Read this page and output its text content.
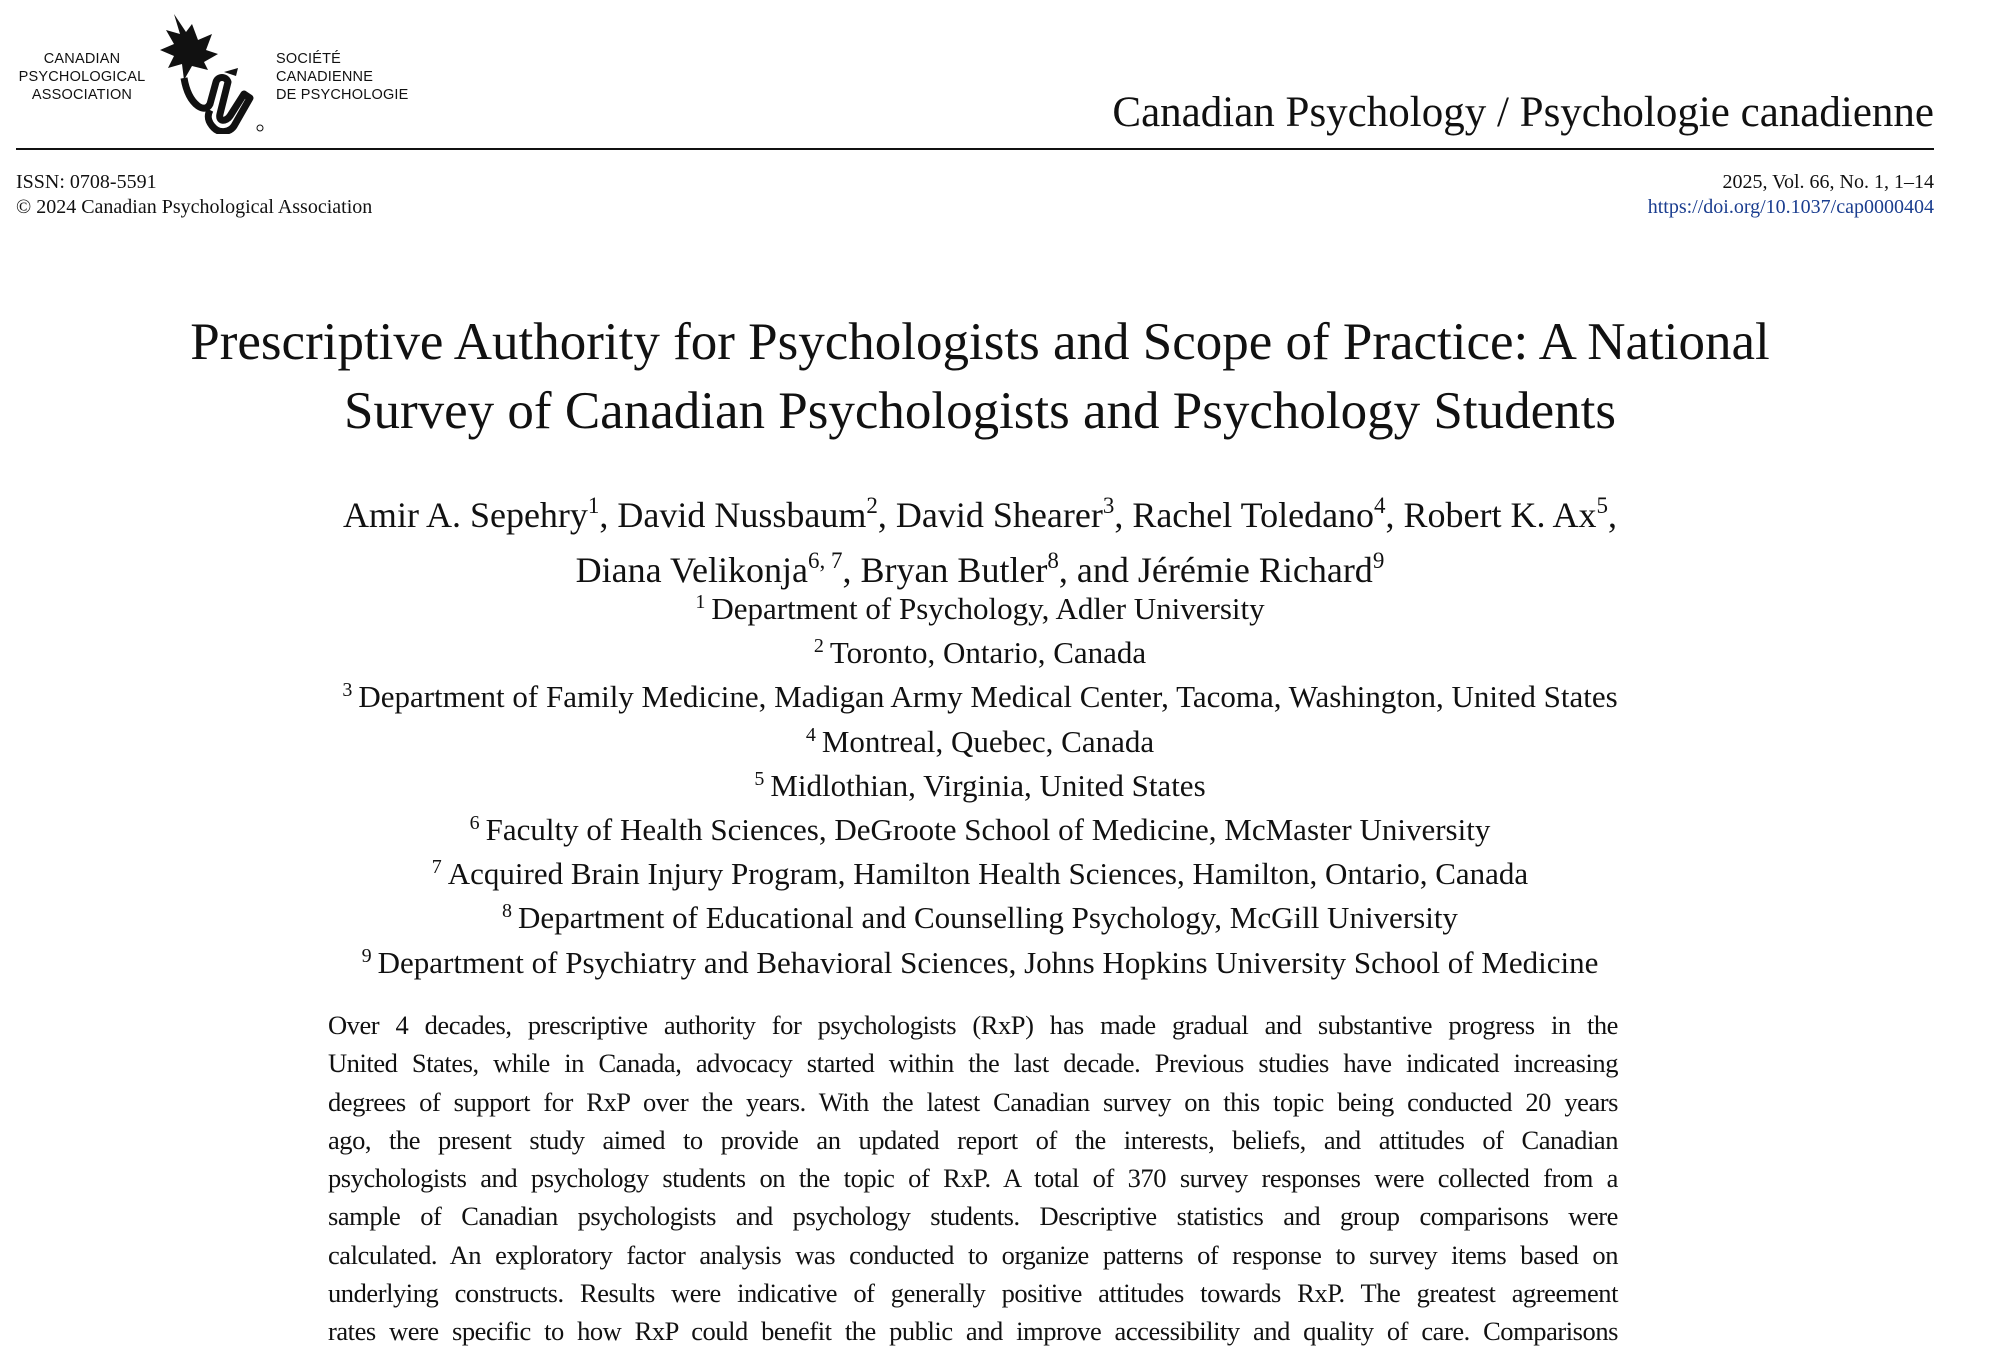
CANADIAN
PSYCHOLOGICAL
ASSOCIATION
SOCIÉTÉ
CANADIENNE
DE PSYCHOLOGIE	Canadian Psychology / Psychologie canadienne
ISSN: 0708-5591
© 2024 Canadian Psychological Association
2025, Vol. 66, No. 1, 1–14
https://doi.org/10.1037/cap0000404
Prescriptive Authority for Psychologists and Scope of Practice: A National
Survey of Canadian Psychologists and Psychology Students
Amir A. Sepehry$^1$, David Nussbaum$^2$, David Shearer$^3$, Rachel Toledano$^4$, Robert K. Ax$^5$,
Diana Velikonja$^{6, 7}$, Bryan Butler$^8$, and Jérémie Richard$^9$
$^1$ Department of Psychology, Adler University
$^2$ Toronto, Ontario, Canada
$^3$ Department of Family Medicine, Madigan Army Medical Center, Tacoma, Washington, United States
$^4$ Montreal, Quebec, Canada
$^5$ Midlothian, Virginia, United States
$^6$ Faculty of Health Sciences, DeGroote School of Medicine, McMaster University
$^7$ Acquired Brain Injury Program, Hamilton Health Sciences, Hamilton, Ontario, Canada
$^8$ Department of Educational and Counselling Psychology, McGill University
$^9$ Department of Psychiatry and Behavioral Sciences, Johns Hopkins University School of Medicine
Over 4 decades, prescriptive authority for psychologists (RxP) has made gradual and substantive progress in the
United States, while in Canada, advocacy started within the last decade. Previous studies have indicated increasing
degrees of support for RxP over the years. With the latest Canadian survey on this topic being conducted 20 years
ago, the present study aimed to provide an updated report of the interests, beliefs, and attitudes of Canadian
psychologists and psychology students on the topic of RxP. A total of 370 survey responses were collected from a
sample of Canadian psychologists and psychology students. Descriptive statistics and group comparisons were
calculated. An exploratory factor analysis was conducted to organize patterns of response to survey items based on
underlying constructs. Results were indicative of generally positive attitudes towards RxP. The greatest agreement
rates were specific to how RxP could benefit the public and improve accessibility and quality of care. Comparisons
